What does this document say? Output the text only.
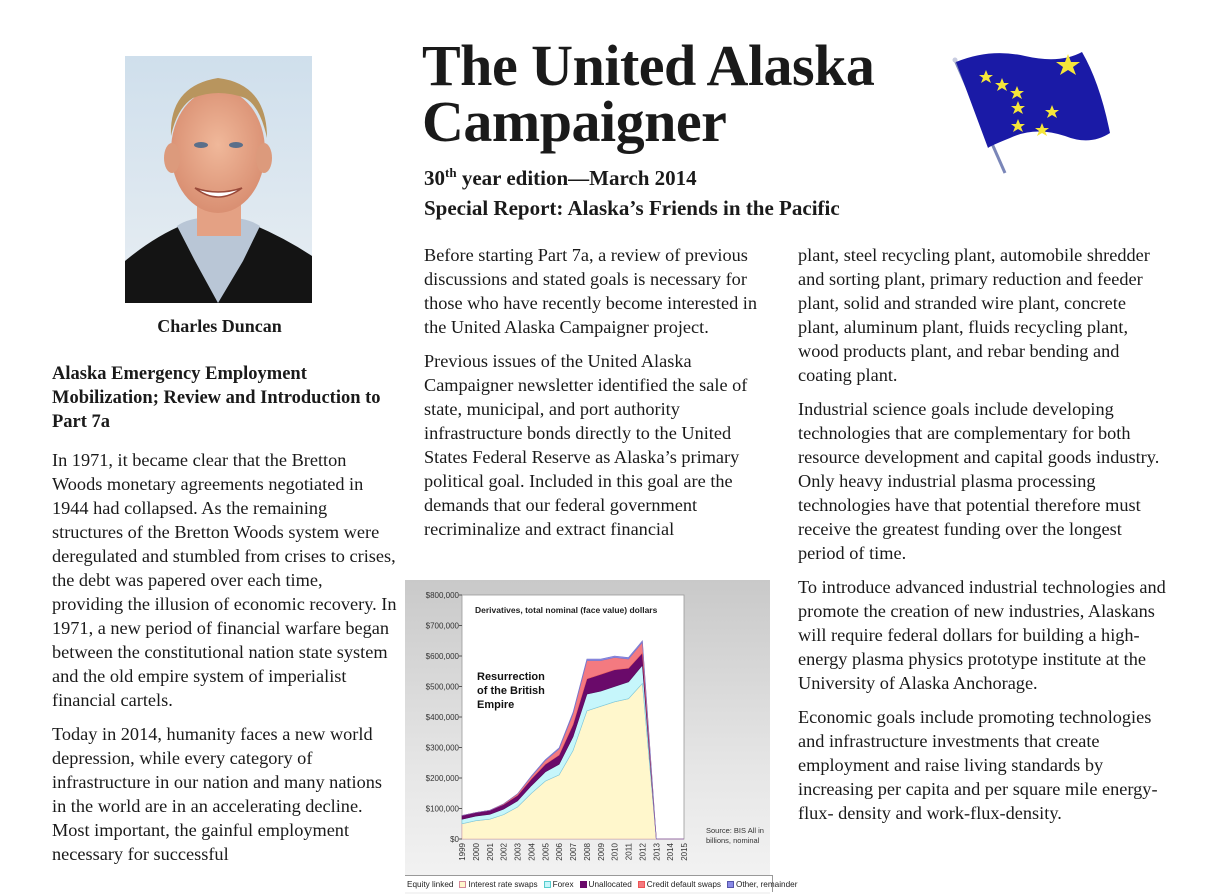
Charles Duncan
Alaska Emergency Employment Mobilization; Review and Introduction to Part 7a

In 1971, it became clear that the Bretton Woods monetary agreements negotiated in 1944 had collapsed. As the remaining structures of the Bretton Woods system were deregulated and stumbled from crises to crises, the debt was papered over each time, providing the illusion of economic recovery. In 1971, a new period of financial warfare began between the constitutional nation state system and the old empire system of imperialist financial cartels.

Today in 2014, humanity faces a new world depression, while every category of infrastructure in our nation and many nations in the world are in an accelerating decline. Most important, the gainful employment necessary for successful

The United Alaska
Campaigner
30th year edition—March 2014
Special Report: Alaska’s Friends in the Pacific

Before starting Part 7a, a review of previous discussions and stated goals is necessary for those who have recently become interested in the United Alaska Campaigner project.

Previous issues of the United Alaska Campaigner newsletter identified the sale of state, municipal, and port authority infrastructure bonds directly to the United States Federal Reserve as Alaska’s primary political goal. Included in this goal are the demands that our federal government recriminalize and extract financial

plant, steel recycling plant, automobile shredder and sorting plant, primary reduction and feeder plant, solid and stranded wire plant, concrete plant, aluminum plant, fluids recycling plant, wood products plant, and rebar bending and coating plant.

Industrial science goals include developing technologies that are complementary for both resource development and capital goods industry. Only heavy industrial plasma processing technologies have that potential therefore must receive the greatest funding over the longest period of time.

To introduce advanced industrial technologies and promote the creation of new industries, Alaskans will require federal dollars for building a high-energy plasma physics prototype institute at the University of Alaska Anchorage.

Economic goals include promoting technologies and infrastructure investments that create employment and raise living standards by increasing per capita and per square mile energy-flux- density and work-flux-density.

$0
$100,000
$200,000
$300,000
$400,000
$500,000
$600,000
$700,000
$800,000
1999 2000 2001 2002 2003 2004 2005 2006 2007 2008 2009 2010 2011 2012 2013 2014 2015
Derivatives, total nominal (face value) dollars
Resurrection
of the British
Empire
Source: BIS All in
billions, nominal
Equity linked	Interest rate swaps	Forex	Unallocated	Credit default swaps	Other, remainder
